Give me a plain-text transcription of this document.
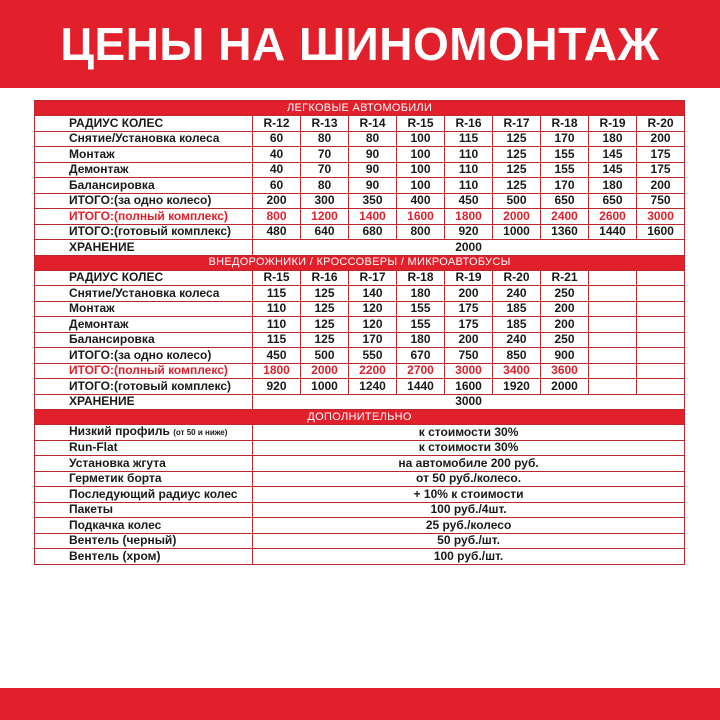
ЦЕНЫ НА ШИНОМОНТАЖ
ЛЕГКОВЫЕ АВТОМОБИЛИ									
РАДИУС КОЛЕС	R-12	R-13	R-14	R-15	R-16	R-17	R-18	R-19	R-20
Снятие/Установка колеса	60	80	80	100	115	125	170	180	200
Монтаж	40	70	90	100	110	125	155	145	175
Демонтаж	40	70	90	100	110	125	155	145	175
Балансировка	60	80	90	100	110	125	170	180	200
ИТОГО:(за одно колесо)	200	300	350	400	450	500	650	650	750
ИТОГО:(полный комплекс)	800	1200	1400	1600	1800	2000	2400	2600	3000
ИТОГО:(готовый комплекс)	480	640	680	800	920	1000	1360	1440	1600
ХРАНЕНИЕ	2000								
ВНЕДОРОЖНИКИ / КРОССОВЕРЫ / МИКРОАВТОБУСЫ									
РАДИУС КОЛЕС	R-15	R-16	R-17	R-18	R-19	R-20	R-21		
Снятие/Установка колеса	115	125	140	180	200	240	250		
Монтаж	110	125	120	155	175	185	200		
Демонтаж	110	125	120	155	175	185	200		
Балансировка	115	125	170	180	200	240	250		
ИТОГО:(за одно колесо)	450	500	550	670	750	850	900		
ИТОГО:(полный комплекс)	1800	2000	2200	2700	3000	3400	3600		
ИТОГО:(готовый комплекс)	920	1000	1240	1440	1600	1920	2000		
ХРАНЕНИЕ	3000								
ДОПОЛНИТЕЛЬНО									
Низкий профиль (от 50 и ниже)	к стоимости 30%								
Run-Flat	к стоимости 30%								
Установка жгута	на автомобиле 200 руб.								
Герметик борта	от 50 руб./колесо.								
Последующий радиус колес	+ 10% к стоимости								
Пакеты	100 руб./4шт.								
Подкачка колес	25 руб./колесо								
Вентель (черный)	50 руб./шт.								
Вентель (хром)	100 руб./шт.								
